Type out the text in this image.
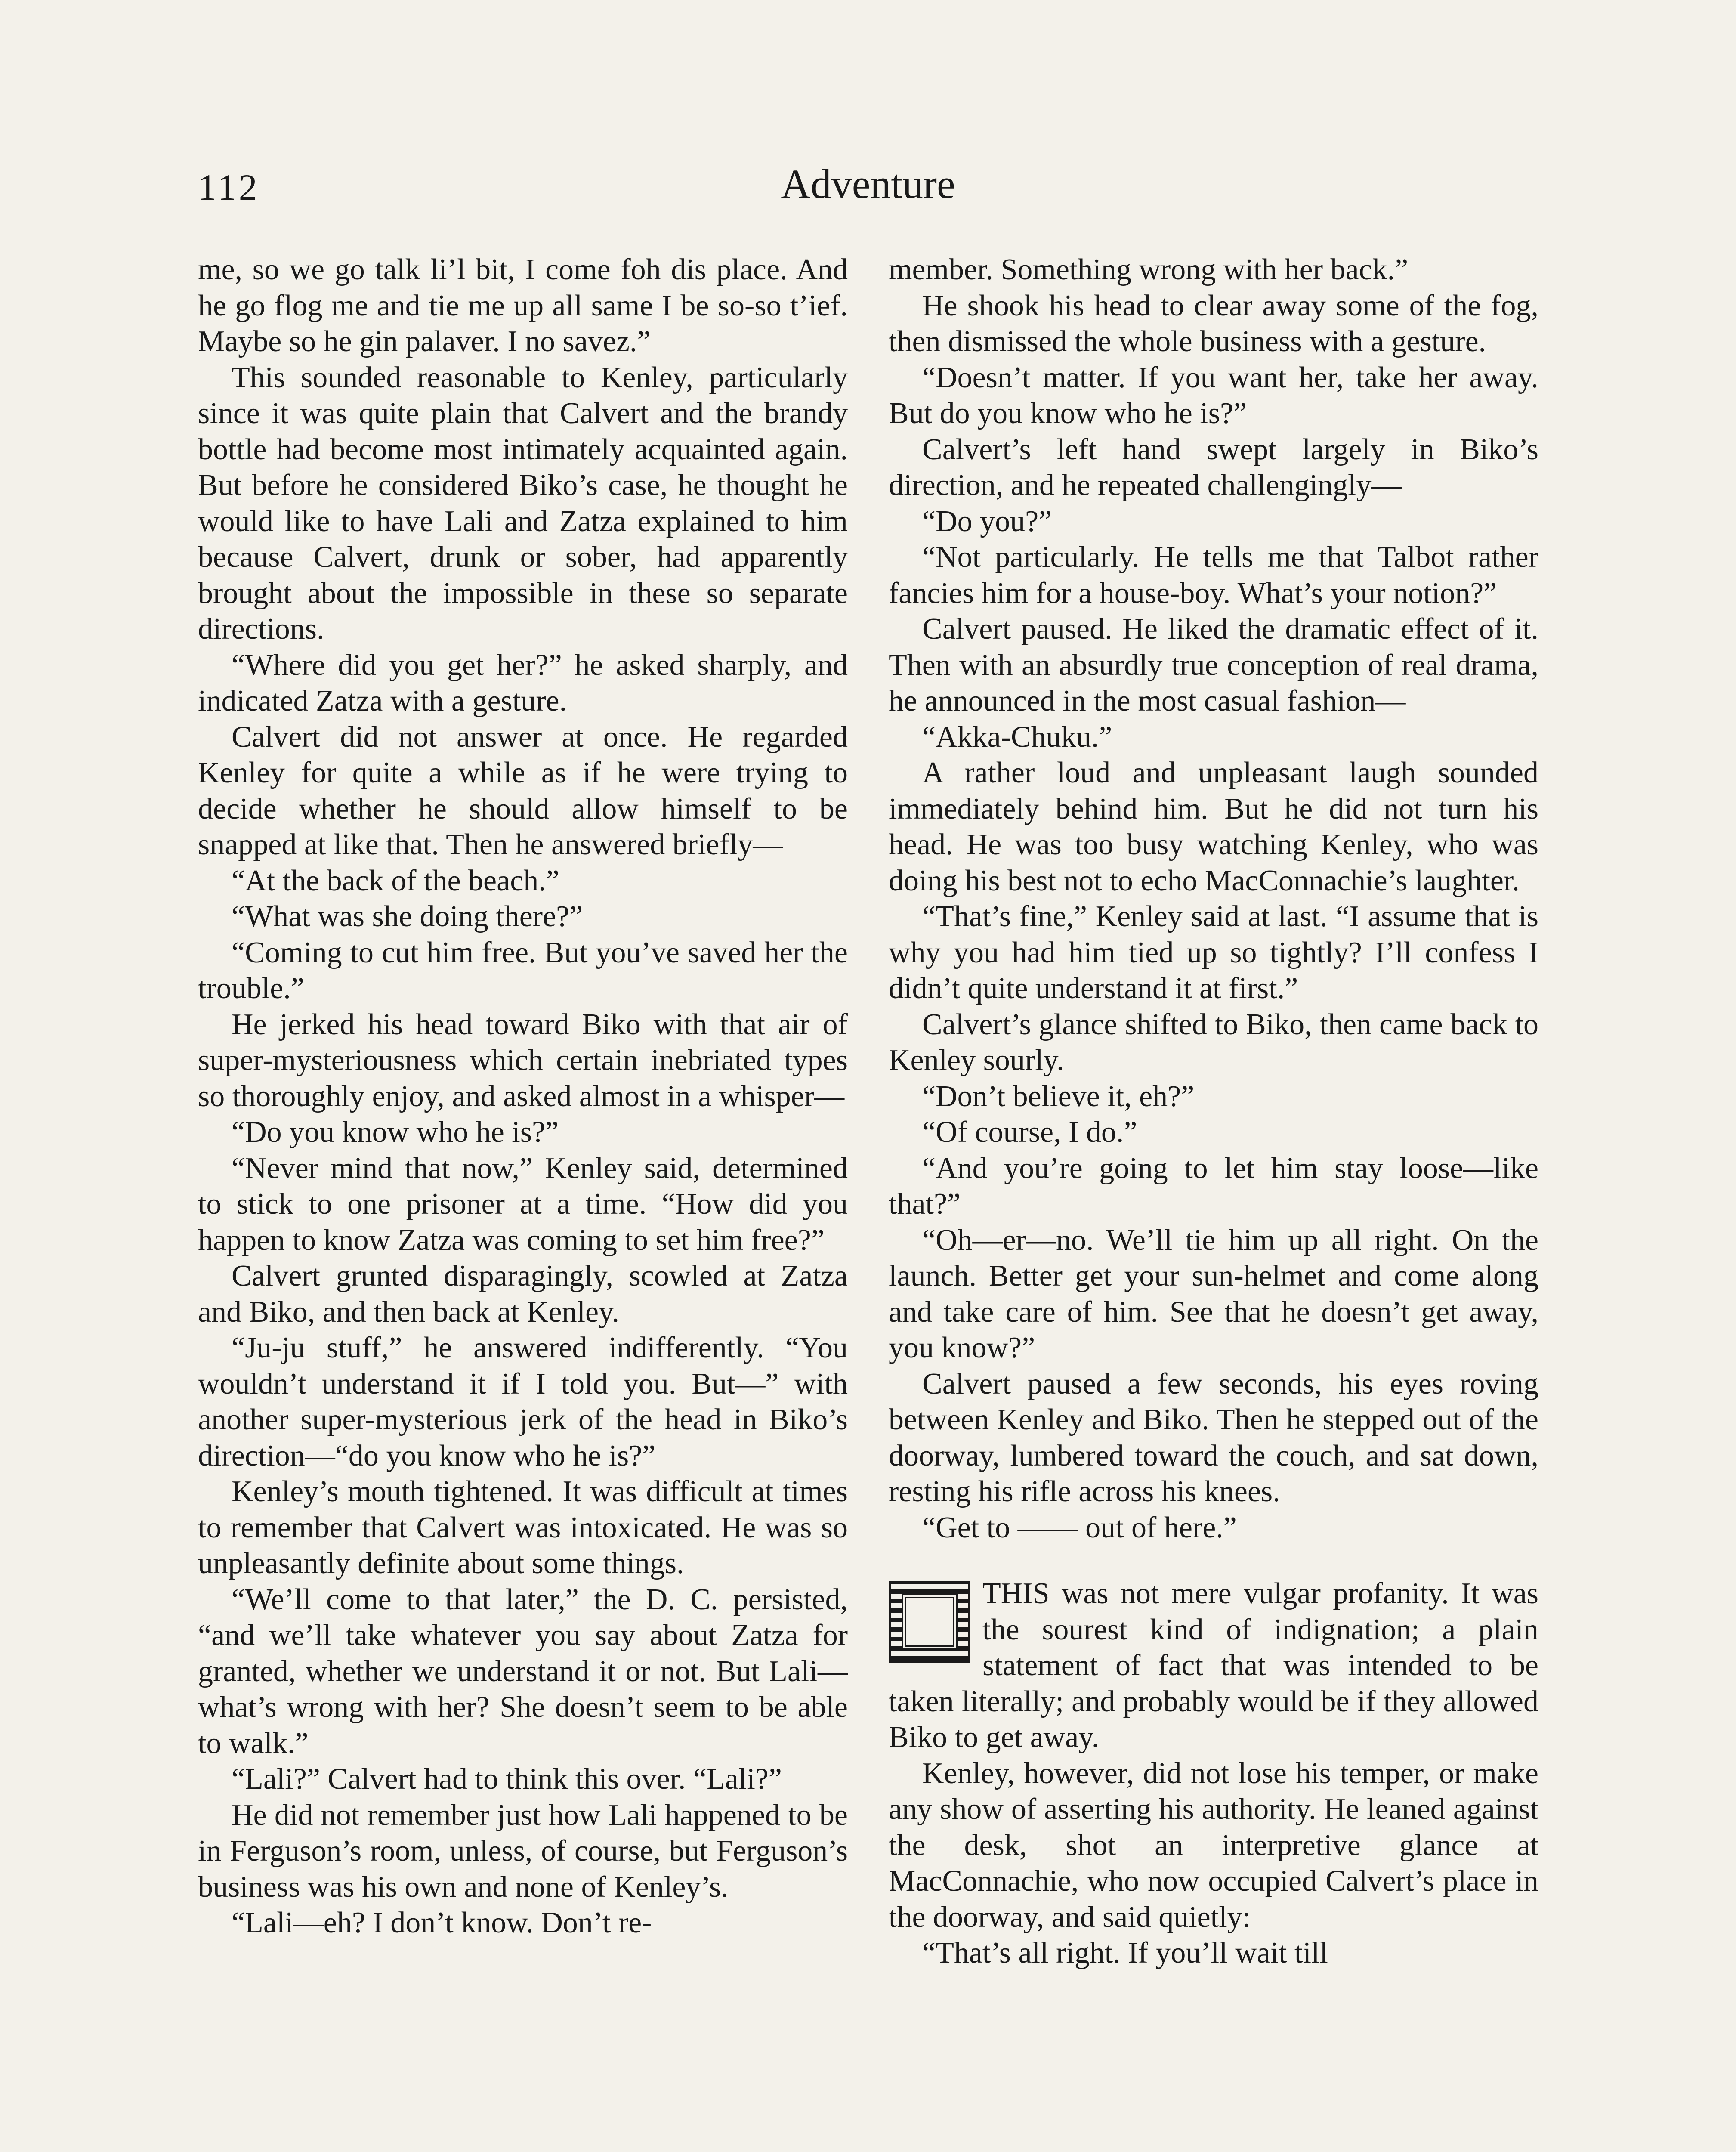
112	Adventure

me, so we go talk li’l bit, I come foh dis place. And he go flog me and tie me up all same I be so-so t’ief. Maybe so he gin palaver. I no savez.”

This sounded reasonable to Kenley, particularly since it was quite plain that Calvert and the brandy bottle had become most intimately acquainted again. But before he considered Biko’s case, he thought he would like to have Lali and Zatza explained to him because Calvert, drunk or sober, had apparently brought about the impossible in these so separate directions.

“Where did you get her?” he asked sharply, and indicated Zatza with a gesture.

Calvert did not answer at once. He regarded Kenley for quite a while as if he were trying to decide whether he should allow himself to be snapped at like that. Then he answered briefly—

“At the back of the beach.”

“What was she doing there?”

“Coming to cut him free. But you’ve saved her the trouble.”

He jerked his head toward Biko with that air of super-mysteriousness which certain inebriated types so thoroughly enjoy, and asked almost in a whisper—

“Do you know who he is?”

“Never mind that now,” Kenley said, determined to stick to one prisoner at a time. “How did you happen to know Zatza was coming to set him free?”

Calvert grunted disparagingly, scowled at Zatza and Biko, and then back at Kenley.

“Ju-ju stuff,” he answered indifferently. “You wouldn’t understand it if I told you. But—” with another super-mysterious jerk of the head in Biko’s direction—“do you know who he is?”

Kenley’s mouth tightened. It was difficult at times to remember that Calvert was intoxicated. He was so unpleasantly definite about some things.

“We’ll come to that later,” the D. C. persisted, “and we’ll take whatever you say about Zatza for granted, whether we understand it or not. But Lali—what’s wrong with her? She doesn’t seem to be able to walk.”

“Lali?” Calvert had to think this over. “Lali?”

He did not remember just how Lali happened to be in Ferguson’s room, unless, of course, but Ferguson’s business was his own and none of Kenley’s.

“Lali—eh? I don’t know. Don’t re-

member. Something wrong with her back.”

He shook his head to clear away some of the fog, then dismissed the whole business with a gesture.

“Doesn’t matter. If you want her, take her away. But do you know who he is?”

Calvert’s left hand swept largely in Biko’s direction, and he repeated challengingly—

“Do you?”

“Not particularly. He tells me that Talbot rather fancies him for a house-boy. What’s your notion?”

Calvert paused. He liked the dramatic effect of it. Then with an absurdly true conception of real drama, he announced in the most casual fashion—

“Akka-Chuku.”

A rather loud and unpleasant laugh sounded immediately behind him. But he did not turn his head. He was too busy watching Kenley, who was doing his best not to echo MacConnachie’s laughter.

“That’s fine,” Kenley said at last. “I assume that is why you had him tied up so tightly? I’ll confess I didn’t quite understand it at first.”

Calvert’s glance shifted to Biko, then came back to Kenley sourly.

“Don’t believe it, eh?”

“Of course, I do.”

“And you’re going to let him stay loose—like that?”

“Oh—er—no. We’ll tie him up all right. On the launch. Better get your sun-helmet and come along and take care of him. See that he doesn’t get away, you know?”

Calvert paused a few seconds, his eyes roving between Kenley and Biko. Then he stepped out of the doorway, lumbered toward the couch, and sat down, resting his rifle across his knees.

“Get to —— out of here.”

THIS was not mere vulgar profanity. It was the sourest kind of indignation; a plain statement of fact that was intended to be taken literally; and probably would be if they allowed Biko to get away.

Kenley, however, did not lose his temper, or make any show of asserting his authority. He leaned against the desk, shot an interpretive glance at MacConnachie, who now occupied Calvert’s place in the doorway, and said quietly:

“That’s all right. If you’ll wait till
